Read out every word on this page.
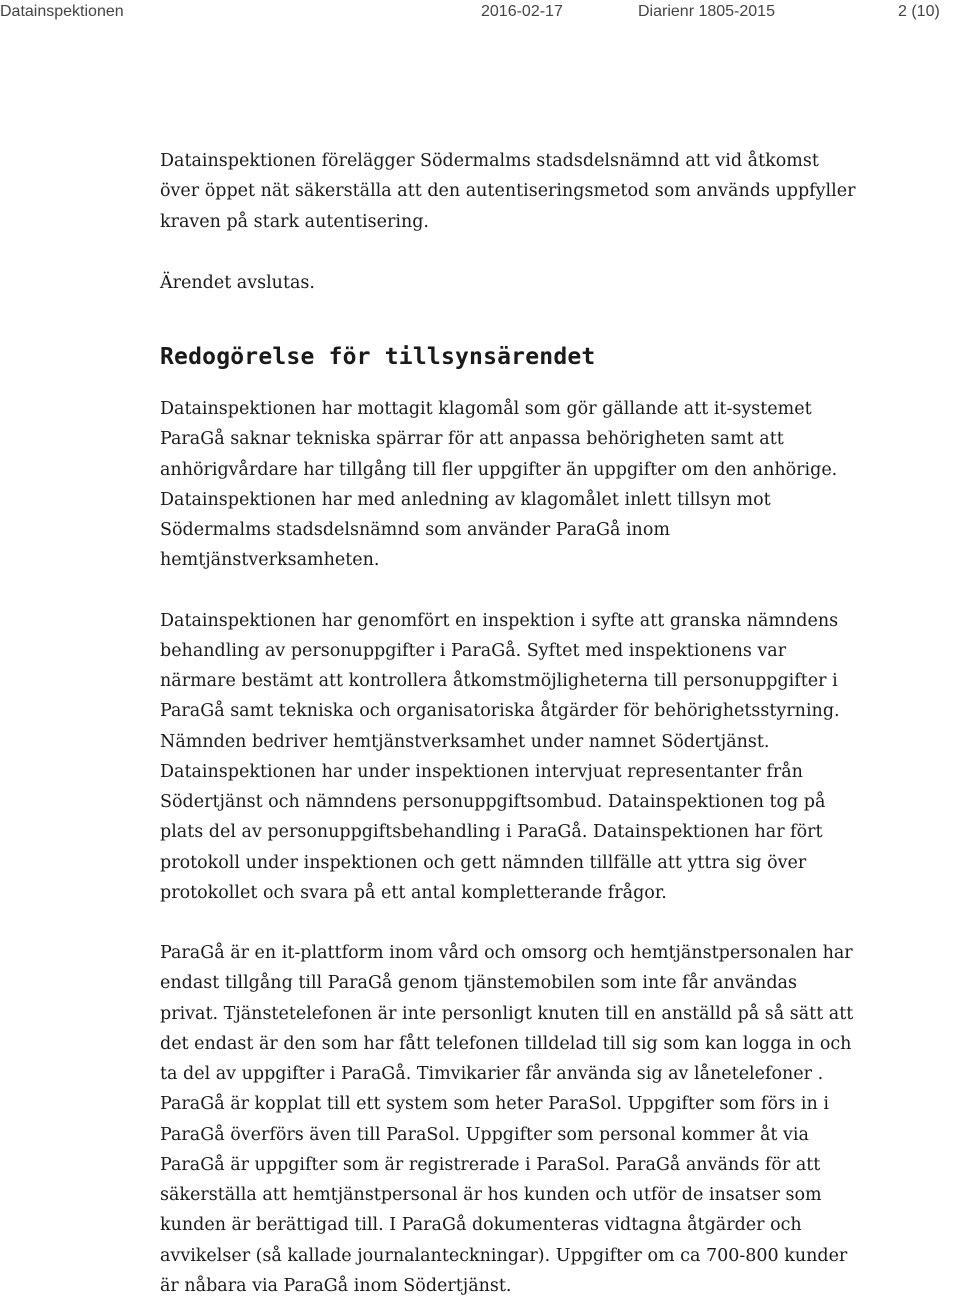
Datainspektionen	2016-02-17	Diarienr 1805-2015	2 (10)

Datainspektionen förelägger Södermalms stadsdelsnämnd att vid åtkomst
över öppet nät säkerställa att den autentiseringsmetod som används uppfyller
kraven på stark autentisering.

Ärendet avslutas.

Redogörelse för tillsynsärendet

Datainspektionen har mottagit klagomål som gör gällande att it-systemet
ParaGå saknar tekniska spärrar för att anpassa behörigheten samt att
anhörigvårdare har tillgång till fler uppgifter än uppgifter om den anhörige.
Datainspektionen har med anledning av klagomålet inlett tillsyn mot
Södermalms stadsdelsnämnd som använder ParaGå inom
hemtjänstverksamheten.

Datainspektionen har genomfört en inspektion i syfte att granska nämndens
behandling av personuppgifter i ParaGå. Syftet med inspektionens var
närmare bestämt att kontrollera åtkomstmöjligheterna till personuppgifter i
ParaGå samt tekniska och organisatoriska åtgärder för behörighetsstyrning.
Nämnden bedriver hemtjänstverksamhet under namnet Södertjänst.
Datainspektionen har under inspektionen intervjuat representanter från
Södertjänst och nämndens personuppgiftsombud. Datainspektionen tog på
plats del av personuppgiftsbehandling i ParaGå. Datainspektionen har fört
protokoll under inspektionen och gett nämnden tillfälle att yttra sig över
protokollet och svara på ett antal kompletterande frågor.

ParaGå är en it-plattform inom vård och omsorg och hemtjänstpersonalen har
endast tillgång till ParaGå genom tjänstemobilen som inte får användas
privat. Tjänstetelefonen är inte personligt knuten till en anställd på så sätt att
det endast är den som har fått telefonen tilldelad till sig som kan logga in och
ta del av uppgifter i ParaGå. Timvikarier får använda sig av lånetelefoner .
ParaGå är kopplat till ett system som heter ParaSol. Uppgifter som förs in i
ParaGå överförs även till ParaSol. Uppgifter som personal kommer åt via
ParaGå är uppgifter som är registrerade i ParaSol. ParaGå används för att
säkerställa att hemtjänstpersonal är hos kunden och utför de insatser som
kunden är berättigad till. I ParaGå dokumenteras vidtagna åtgärder och
avvikelser (så kallade journalanteckningar). Uppgifter om ca 700-800 kunder
är nåbara via ParaGå inom Södertjänst.
